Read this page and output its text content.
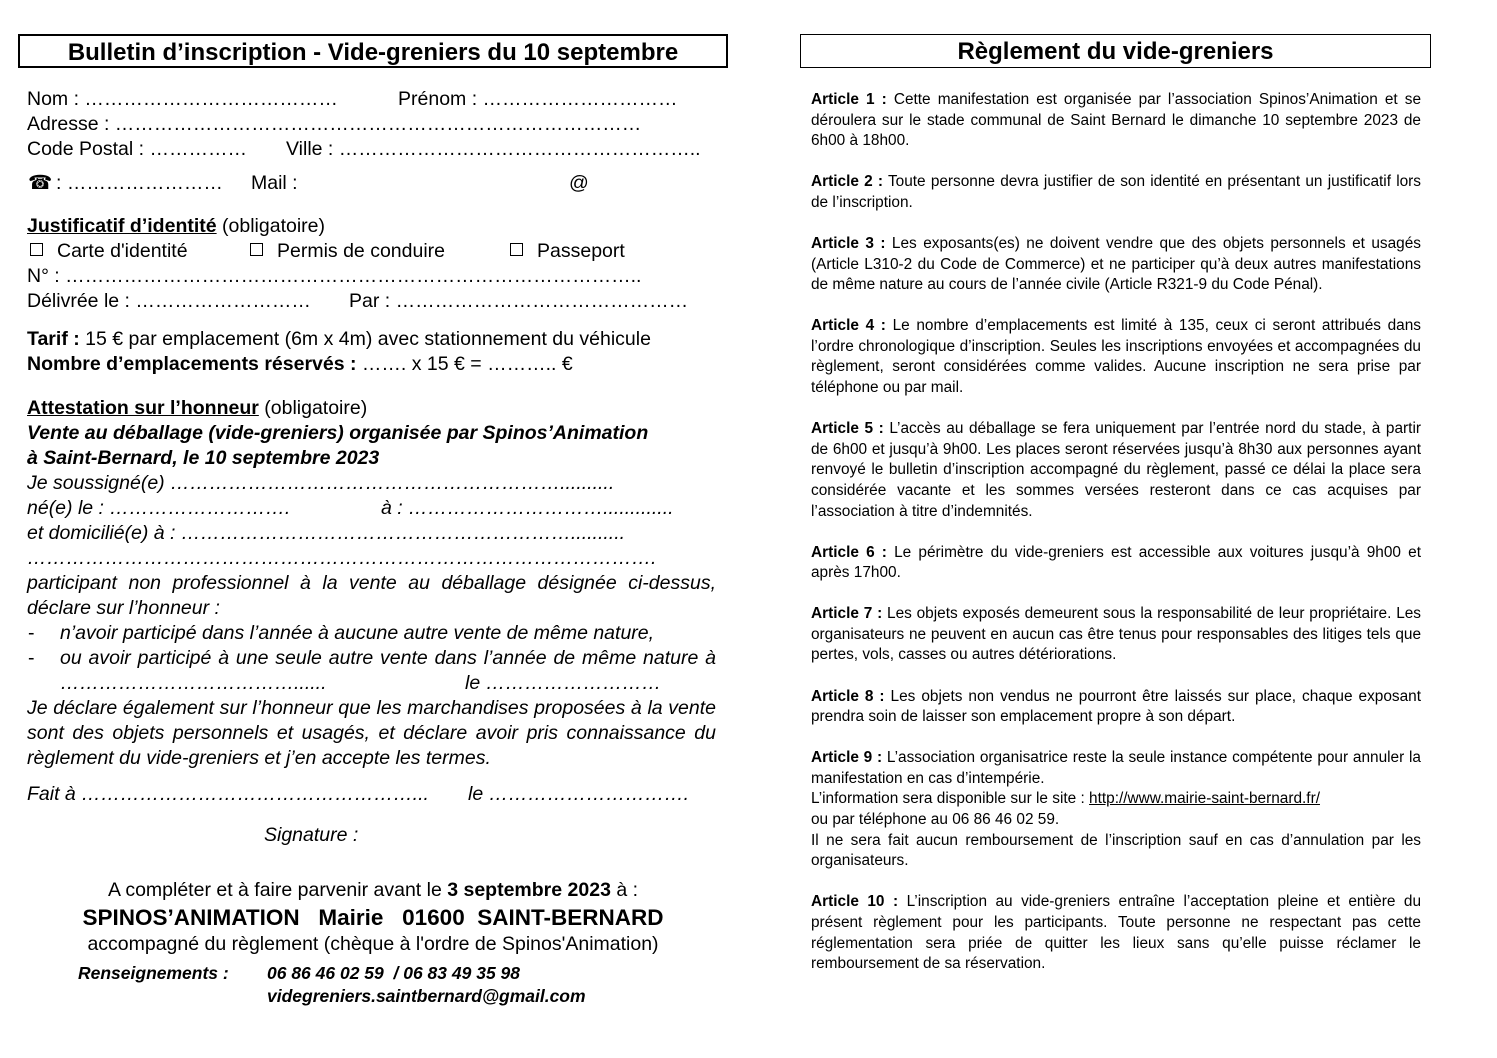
Bulletin d’inscription - Vide-greniers du 10 septembre
Nom : …………………………………	Prénom : …………………………
Adresse : ………………………………………………………………………
Code Postal : …………… Ville : ………………………………………………..
☎ : …………………… Mail :	@
Justificatif d’identité (obligatoire)
Carte d'identité	Permis de conduire	Passeport
N° : ……………………………………………………………………………..
Délivrée le : ……………………… Par : ………………………………………
Tarif : 15 € par emplacement (6m x 4m) avec stationnement du véhicule
Nombre d’emplacements réservés : ……. x 15 € = ……….. €
Attestation sur l’honneur (obligatoire)
Vente au déballage (vide-greniers) organisée par Spinos’Animation
à Saint-Bernard, le 10 septembre 2023
Je soussigné(e) ……………………………………………………..........
né(e) le : ……………………….	à : ………………………….............
et domicilié(e) à : ……………………………………………………..........
…………………………………………………………………………………….
participant non professionnel à la vente au déballage désignée ci-dessus, déclare sur l’honneur :
- n’avoir participé dans l’année à aucune autre vente de même nature,
- ou avoir participé à une seule autre vente dans l’année de même nature à ………………………………......	le ………………………
Je déclare également sur l’honneur que les marchandises proposées à la vente sont des objets personnels et usagés, et déclare avoir pris connaissance du règlement du vide-greniers et j’en accepte les termes.
Fait à ……………………………………………... le ………………………….
Signature :
A compléter et à faire parvenir avant le 3 septembre 2023 à :
SPINOS’ANIMATION   Mairie   01600  SAINT-BERNARD
accompagné du règlement (chèque à l'ordre de Spinos'Animation)
Renseignements : 06 86 46 02 59  / 06 83 49 35 98
videgreniers.saintbernard@gmail.com
Règlement du vide-greniers
Article 1 : Cette manifestation est organisée par l’association Spinos’Animation et se déroulera sur le stade communal de Saint Bernard le dimanche 10 septembre 2023 de 6h00 à 18h00.
Article 2 : Toute personne devra justifier de son identité en présentant un justificatif lors de l’inscription.
Article 3 : Les exposants(es) ne doivent vendre que des objets personnels et usagés (Article L310-2 du Code de Commerce) et ne participer qu’à deux autres manifestations de même nature au cours de l’année civile (Article R321-9 du Code Pénal).
Article 4 : Le nombre d’emplacements est limité à 135, ceux ci seront attribués dans l’ordre chronologique d’inscription. Seules les inscriptions envoyées et accompagnées du règlement, seront considérées comme valides. Aucune inscription ne sera prise par téléphone ou par mail.
Article 5 : L’accès au déballage se fera uniquement par l’entrée nord du stade, à partir de 6h00 et jusqu’à 9h00. Les places seront réservées jusqu’à 8h30 aux personnes ayant renvoyé le bulletin d’inscription accompagné du règlement, passé ce délai la place sera considérée vacante et les sommes versées resteront dans ce cas acquises par l’association à titre d’indemnités.
Article 6 : Le périmètre du vide-greniers est accessible aux voitures jusqu’à 9h00 et après 17h00.
Article 7 : Les objets exposés demeurent sous la responsabilité de leur propriétaire. Les organisateurs ne peuvent en aucun cas être tenus pour responsables des litiges tels que pertes, vols, casses ou autres détériorations.
Article 8 : Les objets non vendus ne pourront être laissés sur place, chaque exposant prendra soin de laisser son emplacement propre à son départ.
Article 9 : L’association organisatrice reste la seule instance compétente pour annuler la manifestation en cas d’intempérie.
L’information sera disponible sur le site : http://www.mairie-saint-bernard.fr/
ou par téléphone au 06 86 46 02 59.
Il ne sera fait aucun remboursement de l’inscription sauf en cas d’annulation par les organisateurs.
Article 10 : L’inscription au vide-greniers entraîne l’acceptation pleine et entière du présent règlement pour les participants. Toute personne ne respectant pas cette réglementation sera priée de quitter les lieux sans qu’elle puisse réclamer le remboursement de sa réservation.
